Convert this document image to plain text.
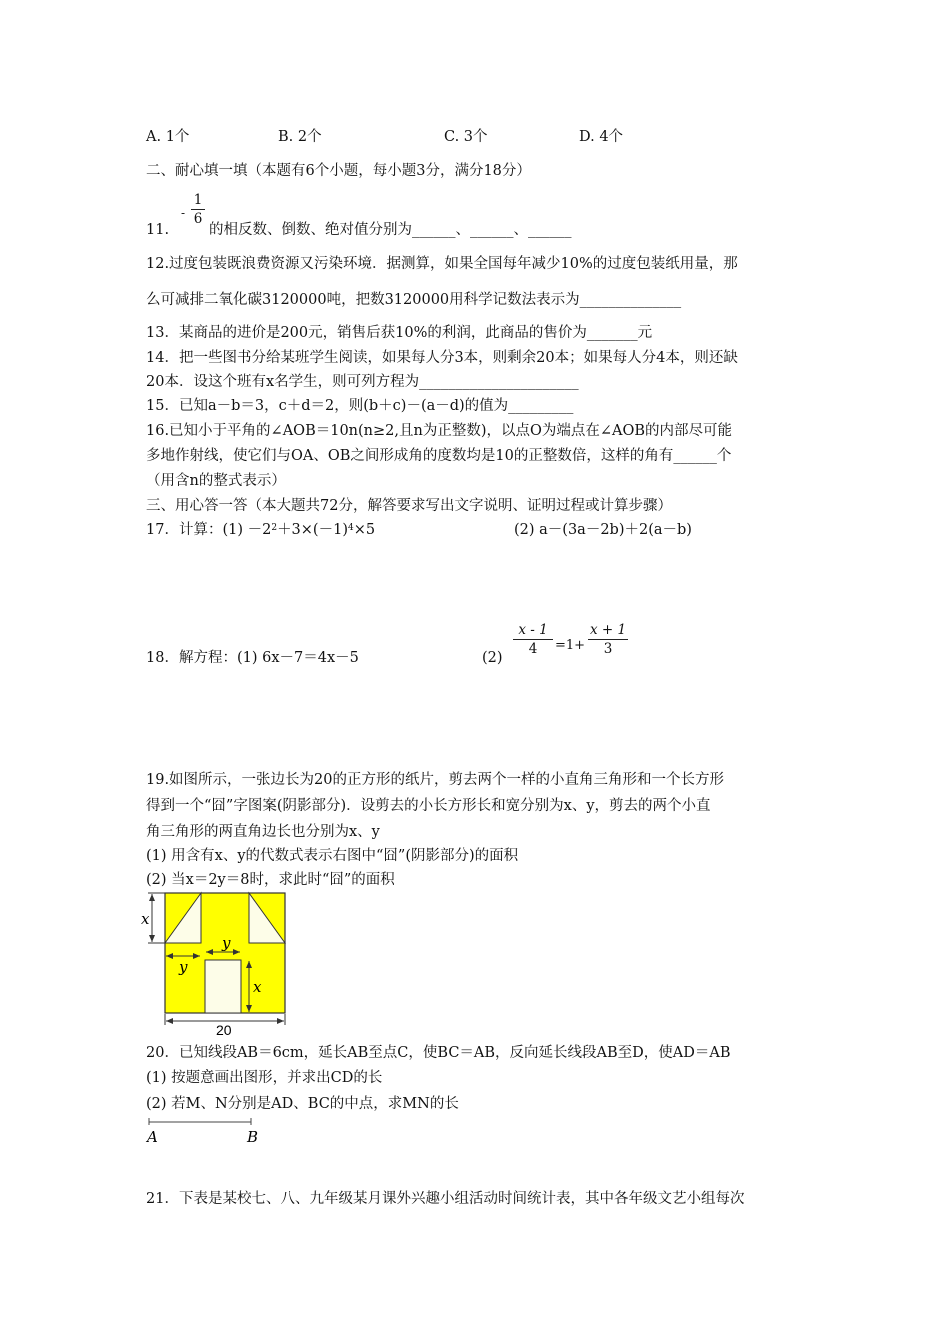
A. 1个	B. 2个	C. 3个	D. 4个
二、耐心填一填（本题有6个小题，每小题3分，满分18分）
11.
-
1
6
的相反数、倒数、绝对值分别为______、______、______
12.过度包装既浪费资源又污染环境．据测算，如果全国每年减少10%的过度包装纸用量，那
么可减排二氧化碳3120000吨，把数3120000用科学记数法表示为______________
13．某商品的进价是200元，销售后获10%的利润，此商品的售价为_______元
14．把一些图书分给某班学生阅读，如果每人分3本，则剩余20本；如果每人分4本，则还缺
20本．设这个班有x名学生，则可列方程为______________________
15．已知a－b＝3，c＋d＝2，则(b＋c)－(a－d)的值为_________
16.已知小于平角的∠AOB＝10n(n≥2,且n为正整数)，以点O为端点在∠AOB的内部尽可能
多地作射线，使它们与OA、OB之间形成角的度数均是10的正整数倍，这样的角有______个
（用含n的整式表示）
三、用心答一答（本大题共72分，解答要求写出文字说明、证明过程或计算步骤）
17．计算：$(1) -2^2+3\times(-1)^4\times 5$	(2) a－(3a－2b)＋2(a－b)
18．解方程：(1) 6x－7＝4x－5	(2)
x - 1
4	=1+
x + 1
3
19.如图所示，一张边长为20的正方形的纸片，剪去两个一样的小直角三角形和一个长方形
得到一个“囧”字图案(阴影部分)．设剪去的小长方形长和宽分别为x、y，剪去的两个小直
角三角形的两直角边长也分别为x、y
(1) 用含有x、y的代数式表示右图中“囧”(阴影部分)的面积
(2) 当x＝2y＝8时，求此时“囧”的面积
x
y
y
x
20
20．已知线段AB＝6cm，延长AB至点C，使BC＝AB，反向延长线段AB至D，使AD＝AB
(1) 按题意画出图形，并求出CD的长
(2) 若M、N分别是AD、BC的中点，求MN的长
A	B
21．下表是某校七、八、九年级某月课外兴趣小组活动时间统计表，其中各年级文艺小组每次
